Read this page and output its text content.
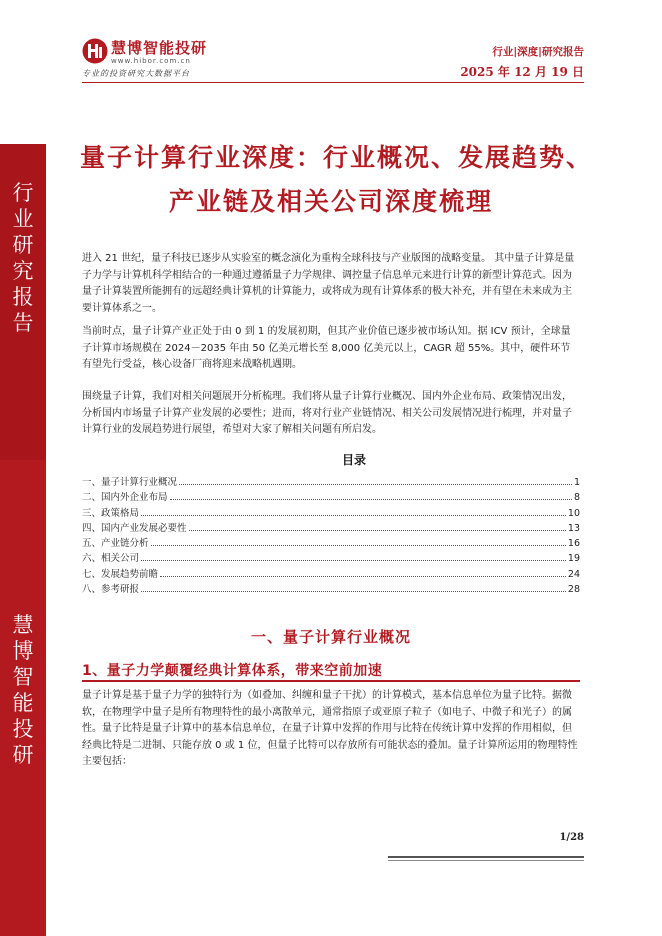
行
业
研
究
报
告
慧
博
智
能
投
研
慧博智能投研
www.hibor.com.cn
专业的投资研究大数据平台
行业|深度|研究报告
2025 年 12 月 19 日
量子计算行业深度：行业概况、发展趋势、
产业链及相关公司深度梳理
进入 21 世纪，量子科技已逐步从实验室的概念演化为重构全球科技与产业版图的战略变量。 其中量子计算是量子力学与计算机科学相结合的一种通过遵循量子力学规律、调控量子信息单元来进行计算的新型计算范式。因为量子计算装置所能拥有的远超经典计算机的计算能力，或将成为现有计算体系的极大补充，并有望在未来成为主要计算体系之一。
当前时点，量子计算产业正处于由 0 到 1 的发展初期，但其产业价值已逐步被市场认知。据 ICV 预计，全球量子计算市场规模在 2024－2035 年由 50 亿美元增长至 8,000 亿美元以上，CAGR 超 55%。其中，硬件环节有望先行受益，核心设备厂商将迎来战略机遇期。
围绕量子计算，我们对相关问题展开分析梳理。我们将从量子计算行业概况、国内外企业布局、政策情况出发，分析国内市场量子计算产业发展的必要性；进而，将对行业产业链情况、相关公司发展情况进行梳理，并对量子计算行业的发展趋势进行展望，希望对大家了解相关问题有所启发。
目录
一、量子计算行业概况	1
二、国内外企业布局	8
三、政策格局	10
四、国内产业发展必要性	13
五、产业链分析	16
六、相关公司	19
七、发展趋势前瞻	24
八、参考研报	28
一、量子计算行业概况
1、量子力学颠覆经典计算体系，带来空前加速
量子计算是基于量子力学的独特行为（如叠加、纠缠和量子干扰）的计算模式，基本信息单位为量子比特。据微软，在物理学中量子是所有物理特性的最小离散单元，通常指原子或亚原子粒子（如电子、中微子和光子）的属性。量子比特是量子计算中的基本信息单位，在量子计算中发挥的作用与比特在传统计算中发挥的作用相似，但经典比特是二进制、只能存放 0 或 1 位，但量子比特可以存放所有可能状态的叠加。量子计算所运用的物理特性主要包括：
1/28
